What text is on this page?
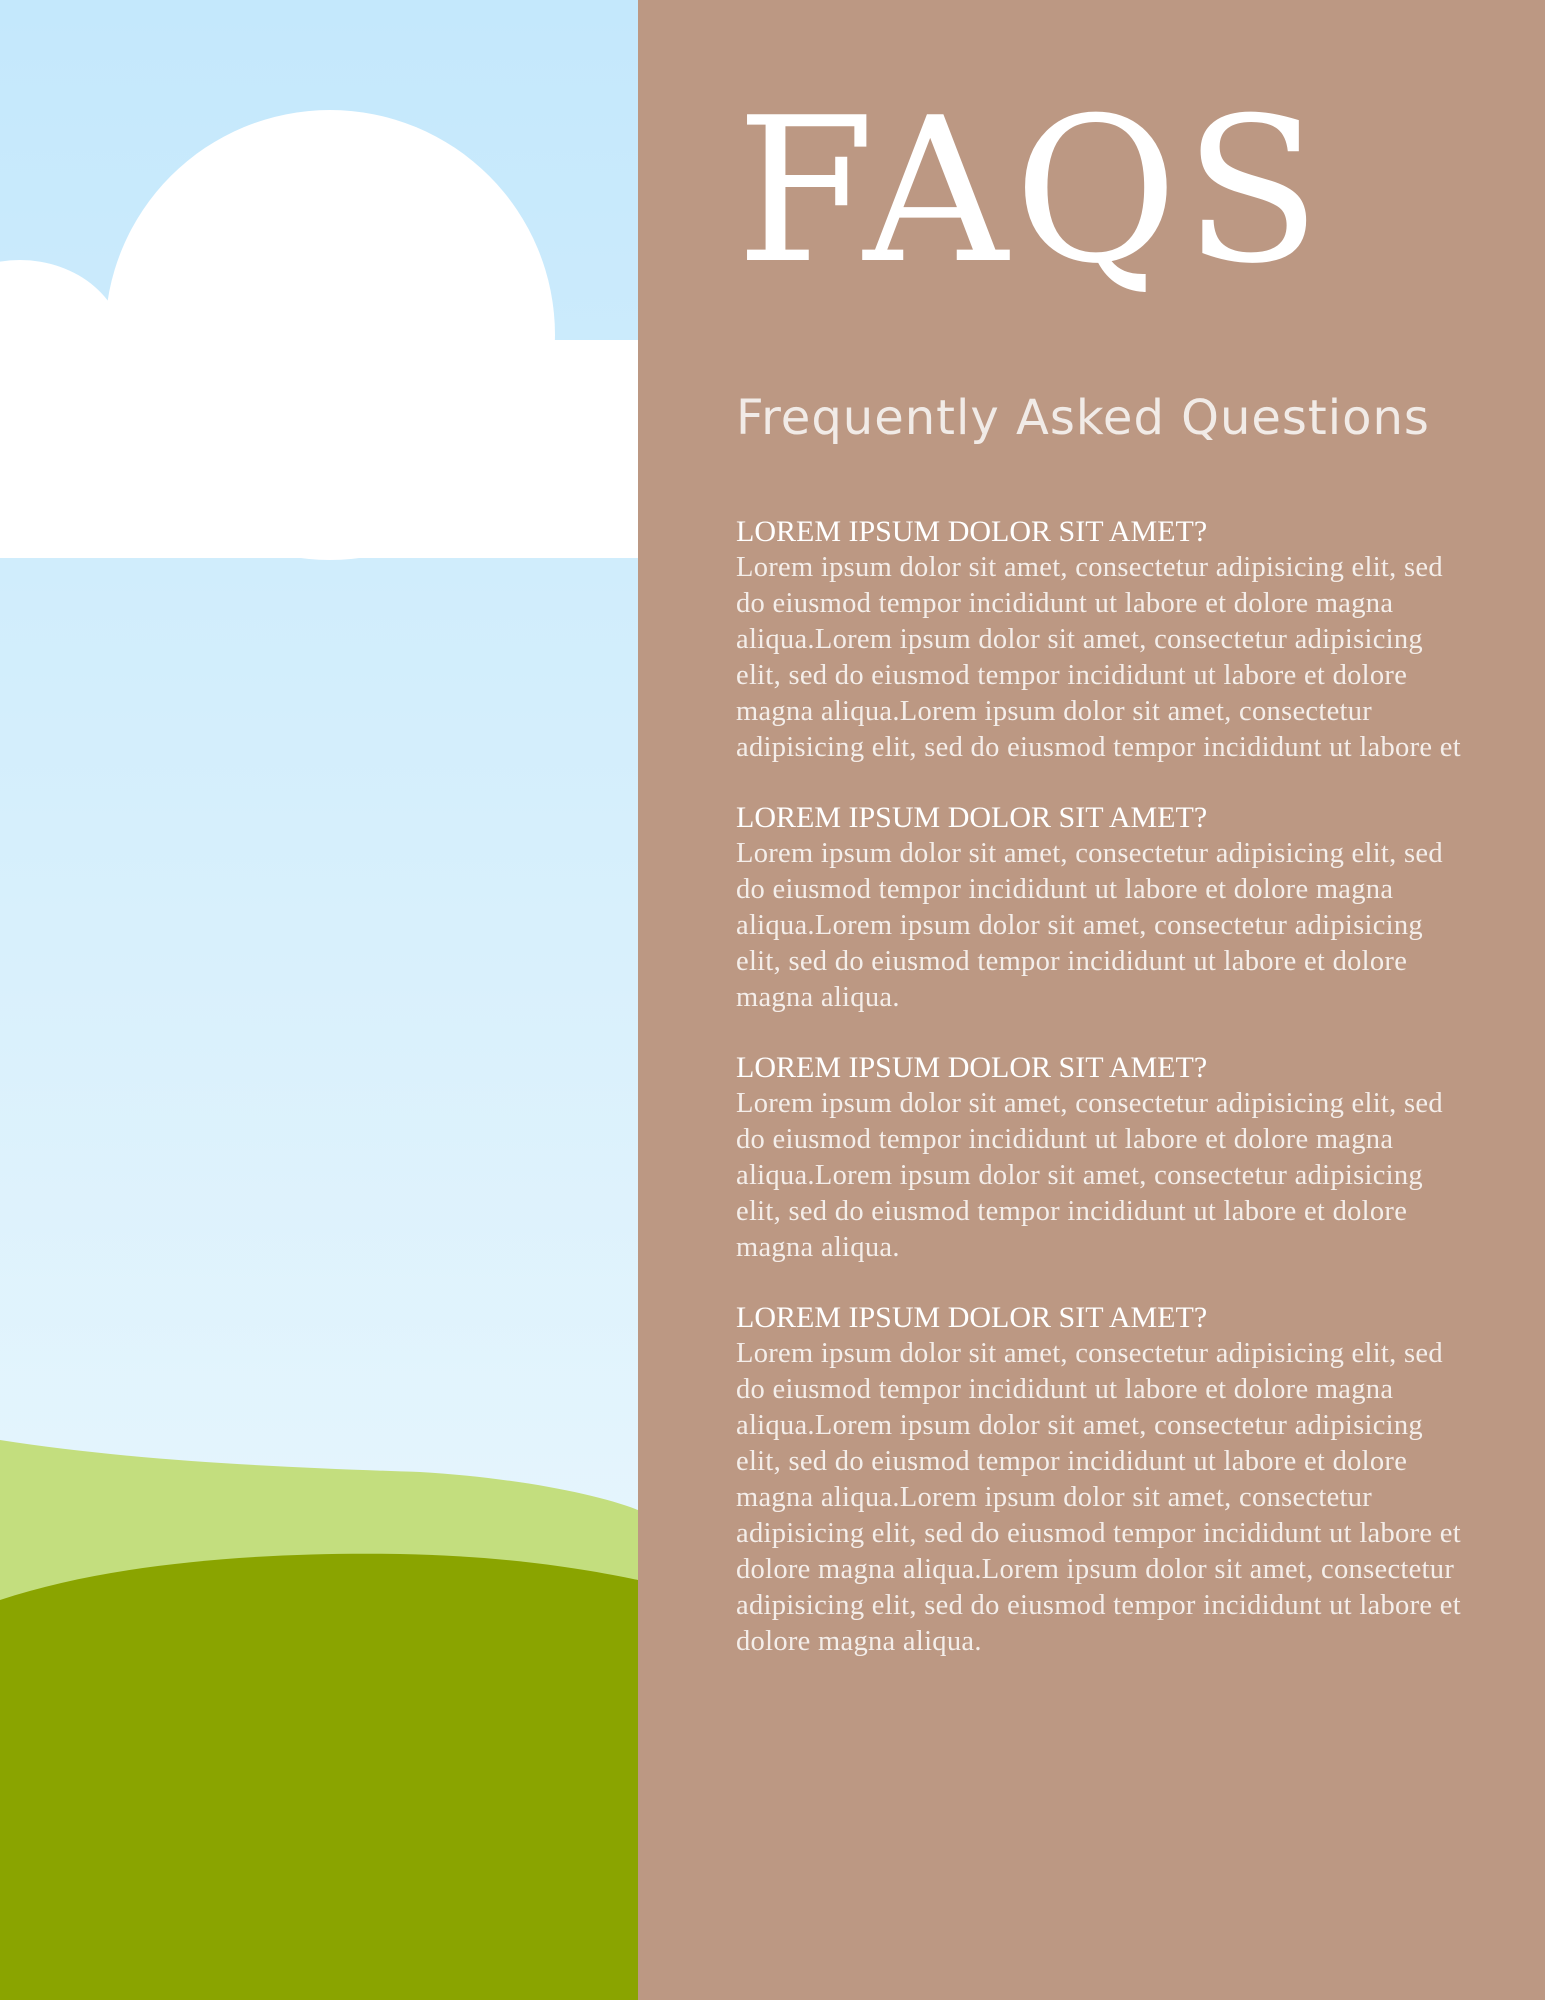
FAQS
Frequently Asked Questions

LOREM IPSUM DOLOR SIT AMET?

Lorem ipsum dolor sit amet, consectetur adipisicing elit, sed do eiusmod tempor incididunt ut labore et dolore magna aliqua.Lorem ipsum dolor sit amet, consectetur adipisicing elit, sed do eiusmod tempor incididunt ut labore et dolore magna aliqua.Lorem ipsum dolor sit amet, consectetur adipisicing elit, sed do eiusmod tempor incididunt ut labore et

LOREM IPSUM DOLOR SIT AMET?

Lorem ipsum dolor sit amet, consectetur adipisicing elit, sed do eiusmod tempor incididunt ut labore et dolore magna aliqua.Lorem ipsum dolor sit amet, consectetur adipisicing elit, sed do eiusmod tempor incididunt ut labore et dolore magna aliqua.

LOREM IPSUM DOLOR SIT AMET?

Lorem ipsum dolor sit amet, consectetur adipisicing elit, sed do eiusmod tempor incididunt ut labore et dolore magna aliqua.Lorem ipsum dolor sit amet, consectetur adipisicing elit, sed do eiusmod tempor incididunt ut labore et dolore magna aliqua.

LOREM IPSUM DOLOR SIT AMET?

Lorem ipsum dolor sit amet, consectetur adipisicing elit, sed do eiusmod tempor incididunt ut labore et dolore magna aliqua.Lorem ipsum dolor sit amet, consectetur adipisicing elit, sed do eiusmod tempor incididunt ut labore et dolore magna aliqua.Lorem ipsum dolor sit amet, consectetur adipisicing elit, sed do eiusmod tempor incididunt ut labore et dolore magna aliqua.Lorem ipsum dolor sit amet, consectetur adipisicing elit, sed do eiusmod tempor incididunt ut labore et dolore magna aliqua.
